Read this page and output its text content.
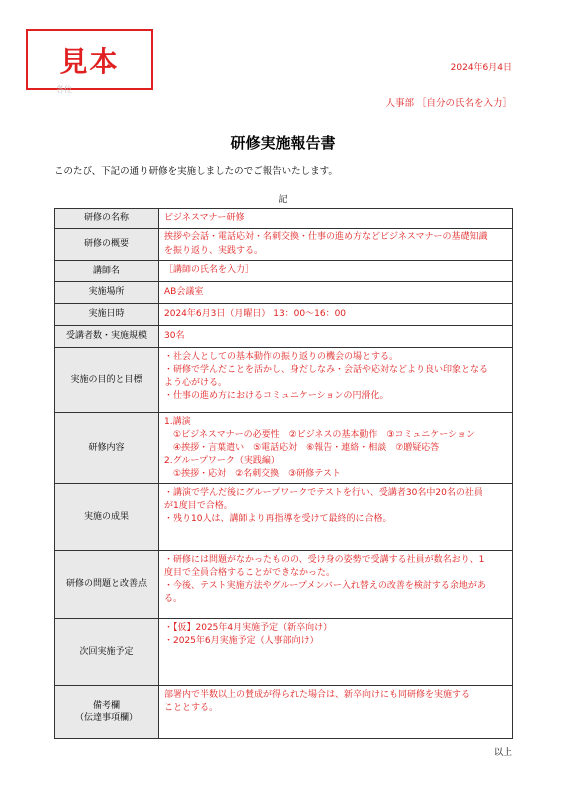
見本
各位
2024年6月4日
人事部 ［自分の氏名を入力］
研修実施報告書
このたび、下記の通り研修を実施しましたのでご報告いたします。
記
研修の名称	ビジネスマナー研修
研修の概要	挨拶や会話・電話応対・名刺交換・仕事の進め方などビジネスマナーの基礎知識
を振り返り、実践する。

講師名	［講師の氏名を入力］
実施場所	AB会議室
実施日時	2024年6月3日（月曜日） 13：00〜16：00
受講者数・実施規模	30名
実施の目的と目標	・社会人としての基本動作の振り返りの機会の場とする。
・研修で学んだことを活かし、身だしなみ・会話や応対などより良い印象となる
よう心がける。
・仕事の進め方におけるコミュニケーションの円滑化。

研修内容	1.講演
　①ビジネスマナーの必要性　②ビジネスの基本動作　③コミュニケーション
　④挨拶・言葉遣い　⑤電話応対　⑥報告・連絡・相談　⑦贈疑応答
2.グループワーク（実践編）
　①挨拶・応対　②名刺交換　③研修テスト

実施の成果	・講演で学んだ後にグループワークでテストを行い、受講者30名中20名の社員
が1度目で合格。
・残り10人は、講師より再指導を受けて最終的に合格。

研修の問題と改善点	・研修には問題がなかったものの、受け身の姿勢で受講する社員が数名おり、1
度目で全員合格することができなかった。
・今後、テスト実施方法やグループメンバー入れ替えの改善を検討する余地があ
る。

次回実施予定	・【仮】2025年4月実施予定（新卒向け）
・2025年6月実施予定（人事部向け）

備考欄
（伝達事項欄）	部署内で半数以上の賛成が得られた場合は、新卒向けにも同研修を実施する
こととする。
以上
